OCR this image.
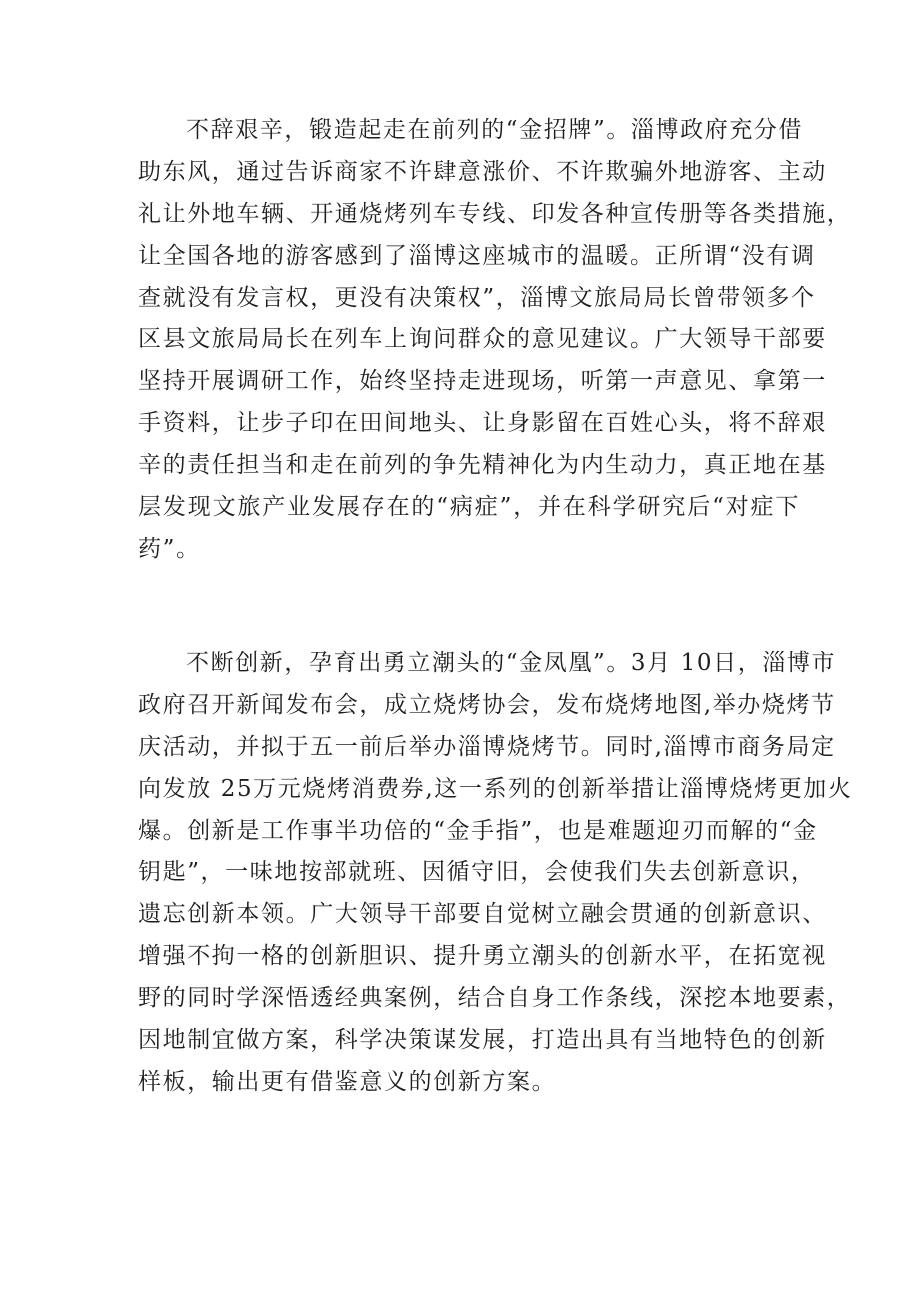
不辞艰辛，锻造起走在前列的“金招牌”。淄博政府充分借
助东风，通过告诉商家不许肆意涨价、不许欺骗外地游客、主动
礼让外地车辆、开通烧烤列车专线、印发各种宣传册等各类措施，
让全国各地的游客感到了淄博这座城市的温暖。正所谓“没有调
查就没有发言权，更没有决策权”，淄博文旅局局长曾带领多个
区县文旅局局长在列车上询问群众的意见建议。广大领导干部要
坚持开展调研工作，始终坚持走进现场，听第一声意见、拿第一
手资料，让步子印在田间地头、让身影留在百姓心头，将不辞艰
辛的责任担当和走在前列的争先精神化为内生动力，真正地在基
层发现文旅产业发展存在的“病症”，并在科学研究后“对症下
药”。
不断创新，孕育出勇立潮头的“金凤凰”。3月 10日，淄博市
政府召开新闻发布会，成立烧烤协会，发布烧烤地图,举办烧烤节
庆活动，并拟于五一前后举办淄博烧烤节。同时,淄博市商务局定
向发放 25万元烧烤消费券,这一系列的创新举措让淄博烧烤更加火
爆。创新是工作事半功倍的“金手指”，也是难题迎刃而解的“金
钥匙”，一味地按部就班、因循守旧，会使我们失去创新意识，
遗忘创新本领。广大领导干部要自觉树立融会贯通的创新意识、
增强不拘一格的创新胆识、提升勇立潮头的创新水平，在拓宽视
野的同时学深悟透经典案例，结合自身工作条线，深挖本地要素，
因地制宜做方案，科学决策谋发展，打造出具有当地特色的创新
样板，输出更有借鉴意义的创新方案。
